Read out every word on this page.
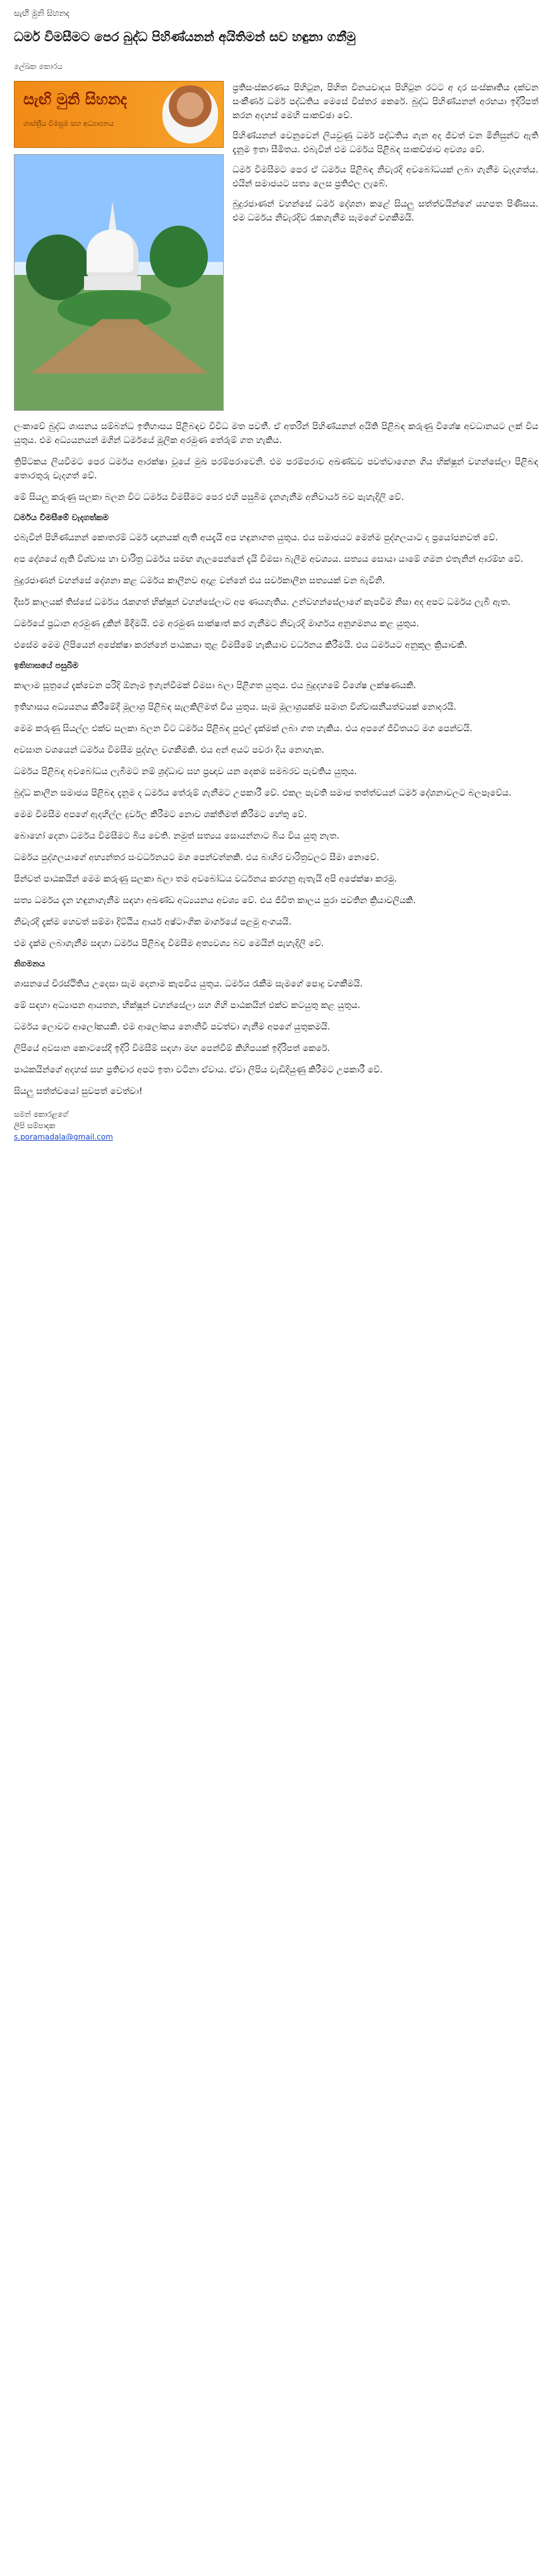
සැඟි මුනි සිහනද
ධර්ම විමසීමට පෙර බුද්ධ පිහිණ්යනන් අයිතිමන් සව හඳුනා ගනීමු
ලේඛක කොරය
සැඟි මුනි සිහනද
ශාස්ත්‍රීය විමසුම සහ අධ්‍යාපනය

ප්‍රතිසංස්කරණය පිහිටුන, පිහිත විනයවාදය පිහිටුන රටට අ දාර සංස්කෘතිය දක්වන සංකීර්ණ ධර්ම පද්ධතිය මෙසේ විස්තර කෙරේ. බුද්ධ පිහිණ්යනන් අරභයා ඉදිරිපත් කරන අදහස් මෙහි සාකච්ඡා වේ.

පිහිණ්යනන් වෙනුවෙන් ලියවුණු ධර්ම පද්ධතිය ගැන අද ජීවත් වන මිනිසුන්ට ඇති දැනුම ඉතා සීමිතය. එබැවින් එම ධර්මය පිළිබඳ සාකච්ඡාව අවශ්‍ය වේ.

ධර්ම විමසීමට පෙර ඒ ධර්මය පිළිබඳ නිවැරදි අවබෝධයක් ලබා ගැනීම වැදගත්ය. එයින් සමාජයට සත්‍ය ලෙස ප්‍රතිඵල ලැබේ.

බුදුරජාණන් වහන්සේ ධර්ම දේශනා කළේ සියලු සත්ත්වයින්ගේ යහපත පිණිසය. එම ධර්මය නිවැරදිව රැකගැනීම සැමගේ වගකීමයි.

ලංකාවේ බුද්ධ ශාසනය සම්බන්ධ ඉතිහාසය පිළිබඳව විවිධ මත පවතී. ඒ අතරින් පිහිණ්යනන් අයිති පිළිබඳ කරුණු විශේෂ අවධානයට ලක් විය යුතුය. එම අධ්‍යයනයන් මගින් ධර්මයේ මූලික අරමුණ තේරුම් ගත හැකිය.

ත්‍රිපිටකය ලියවීමට පෙර ධර්මය ආරක්ෂා වූයේ මුඛ පරම්පරාවෙනි. එම පරම්පරාව අඛණ්ඩව පවත්වාගෙන ගිය භික්ෂූන් වහන්සේලා පිළිබඳ තොරතුරු වැදගත් වේ.

මේ සියලු කරුණු සලකා බලන විට ධර්මය විමසීමට පෙර එහි පසුබිම දැනගැනීම අනිවාර්ය බව පැහැදිලි වේ.

ධර්මය විමසීමේ වැදගත්කම

එබැවින් පිහිණ්යනන් කොතරම් ධර්ම ඥානයක් ඇති අයදැයි අප හඳුනාගත යුතුය. එය සමාජයට මෙන්ම පුද්ගලයාට ද ප්‍රයෝජනවත් වේ.

අප දේශයේ ඇති විශ්වාස හා චාරිත්‍ර ධර්මය සමඟ ගැලපෙන්නේ දැයි විමසා බැලීම අවශ්‍යය. සත්‍යය සොයා යාමේ ගමන එතැනින් ආරම්භ වේ.

බුදුරජාණන් වහන්සේ දේශනා කළ ධර්මය කාලීනව අදාළ වන්නේ එය සර්වකාලීන සත්‍යයක් වන බැවිනි.

දීර්ඝ කාලයක් තිස්සේ ධර්මය රැකගත් භික්ෂූන් වහන්සේලාට අප ණයගැතිය. උන්වහන්සේලාගේ කැපවීම නිසා අද අපට ධර්මය ලැබී ඇත.

ධර්මයේ ප්‍රධාන අරමුණ දුකින් මිදීමයි. එම අරමුණ සාක්ෂාත් කර ගැනීමට නිවැරදි මාර්ගය අනුගමනය කළ යුතුය.

එසේම මෙම ලිපියෙන් අපේක්ෂා කරන්නේ පාඨකයා තුළ විමසීමේ හැකියාව වර්ධනය කිරීමයි. එය ධර්මයට අනුකූල ක්‍රියාවකි.

ඉතිහාසයේ පසුබිම

කාලාම සූත්‍රයේ දැක්වෙන පරිදි ඕනෑම ඉගැන්වීමක් විමසා බලා පිළිගත යුතුය. එය බුදුදහමේ විශේෂ ලක්ෂණයකි.

ඉතිහාසය අධ්‍යයනය කිරීමේදී මූලාශ්‍ර පිළිබඳ සැලකිලිමත් විය යුතුය. සෑම මූලාශ්‍රයක්ම සමාන විශ්වාසනීයත්වයක් නොදරයි.

මෙම කරුණු සියල්ල එක්ව සලකා බලන විට ධර්මය පිළිබඳ පුළුල් දැක්මක් ලබා ගත හැකිය. එය අපගේ ජීවිතයට මග පෙන්වයි.

අවසාන වශයෙන් ධර්මය විමසීම පුද්ගල වගකීමකි. එය අන් අයට පවරා දිය නොහැක.

ධර්මය පිළිබඳ අවබෝධය ලැබීමට නම් ශ්‍රද්ධාව සහ ප්‍රඥාව යන දෙකම සමබරව පැවතිය යුතුය.

බුද්ධ කාලීන සමාජය පිළිබඳ දැනුම ද ධර්මය තේරුම් ගැනීමට උපකාරී වේ. එකල පැවති සමාජ තත්ත්වයන් ධර්ම දේශනාවලට බලපෑවේය.

මෙම විමසීම අපගේ ඇදහිල්ල දුර්වල කිරීමට නොව ශක්තිමත් කිරීමට හේතු වේ.

බොහෝ දෙනා ධර්මය විමසීමට බිය වෙති. නමුත් සත්‍යය සොයන්නාට බිය විය යුතු නැත.

ධර්මය පුද්ගලයාගේ අභ්‍යන්තර සංවර්ධනයට මග පෙන්වන්නකි. එය බාහිර චාරිත්‍රවලට සීමා නොවේ.

පින්වත් පාඨකයින් මෙම කරුණු සලකා බලා තම අවබෝධය වර්ධනය කරගනු ඇතැයි අපි අපේක්ෂා කරමු.

සත්‍ය ධර්මය දැන හඳුනාගැනීම සඳහා අඛණ්ඩ අධ්‍යයනය අවශ්‍ය වේ. එය ජීවිත කාලය පුරා පවතින ක්‍රියාවලියකි.

නිවැරදි දැක්ම හෙවත් සම්මා දිට්ඨිය ආර්ය අෂ්ටාංගික මාර්ගයේ පළමු අංගයයි.

එම දැක්ම ලබාගැනීම සඳහා ධර්මය පිළිබඳ විමසීම අත්‍යවශ්‍ය බව මෙයින් පැහැදිලි වේ.

නිගමනය

ශාසනයේ චිරස්ථිතිය උදෙසා සැම දෙනාම කැපවිය යුතුය. ධර්මය රැකීම සැමගේ පොදු වගකීමයි.

මේ සඳහා අධ්‍යාපන ආයතන, භික්ෂූන් වහන්සේලා සහ ගිහි පාඨකයින් එක්ව කටයුතු කළ යුතුය.

ධර්මය ලොවට ආලෝකයකි. එම ආලෝකය නොනිවී පවත්වා ගැනීම අපගේ යුතුකමයි.

ලිපියේ අවසාන කොටසේදී ඉදිරි විමසීම් සඳහා මඟ පෙන්වීම් කිහිපයක් ඉදිරිපත් කෙරේ.

පාඨකයින්ගේ අදහස් සහ ප්‍රතිචාර අපට ඉතා වටිනා ඒවාය. ඒවා ලිපිය වැඩිදියුණු කිරීමට උපකාරී වේ.

සියලු සත්ත්වයෝ සුවපත් වෙත්වා!

සමන් කොරළගේ
ලිපි සම්පාදක
s.poramadala@gmail.com
